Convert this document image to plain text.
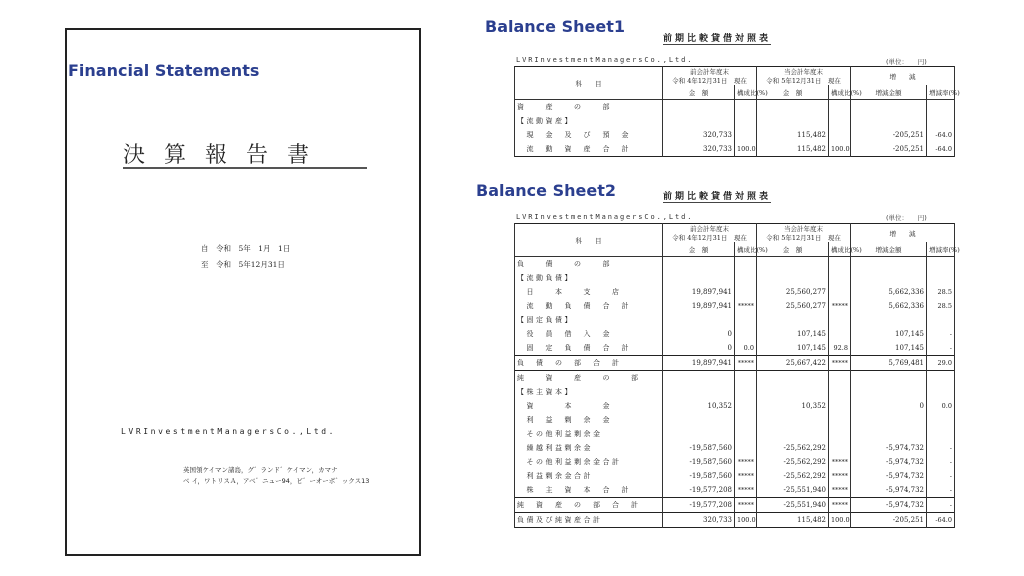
決算報告書
自　令和　5年　1月　1日
至　令和　5年12月31日
LVRInvestmentManagersCo.,Ltd.
英国領ケイマン諸島，グ゛ランド゛ケイマン，カマナ
ベ イ，ワトリスＡ，アベ゛ニュー94，ビ゛ーオーボ゛ックス13
Financial Statements
Balance Sheet1
前期比較貸借対照表
LVRInvestmentManagersCo.,Ltd.	(単位：　　円)
科　　目	前会計年度末
令和 4年12月31日　現在		当会計年度末
令和 5年12月31日　現在		増　　減	
	金　額	構成比(%)	金　額	構成比(%)	増減金額	増減率(%)
資　　産　　の　　部						
【流動資産】						
　現　金　及　び　預　金	320,733		115,482		-205,251	-64.0
　流　動　資　産　合　計	320,733	100.0	115,482	100.0	-205,251	-64.0
Balance Sheet2	前期比較貸借対照表
LVRInvestmentManagersCo.,Ltd.	(単位：　　円)
科　　目	前会計年度末
令和 4年12月31日　現在		当会計年度末
令和 5年12月31日　現在		増　　減	
	金　額	構成比(%)	金　額	構成比(%)	増減金額	増減率(%)
負　　債　　の　　部						
【流動負債】						
　日　　本　　支　　店	19,897,941		25,560,277		5,662,336	28.5
　流　動　負　債　合　計	19,897,941	*****	25,560,277	*****	5,662,336	28.5
【固定負債】						
　役　員　借　入　金	0		107,145		107,145	-
　固　定　負　債　合　計	0	0.0	107,145	92.8	107,145	-
負　債　の　部　合　計	19,897,941	*****	25,667,422	*****	5,769,481	29.0
純　　資　　産　　の　　部						
【株主資本】						
　資　　　本　　　金	10,352		10,352		0	0.0
　利　益　剰　余　金						
　その他利益剰余金						
　繰越利益剰余金	-19,587,560		-25,562,292		-5,974,732	-
　その他利益剰余金合計	-19,587,560	*****	-25,562,292	*****	-5,974,732	-
　利益剰余金合計	-19,587,560	*****	-25,562,292	*****	-5,974,732	-
　株　主　資　本　合　計	-19,577,208	*****	-25,551,940	*****	-5,974,732	-
純　資　産　の　部　合　計	-19,577,208	*****	-25,551,940	*****	-5,974,732	-
負債及び純資産合計	320,733	100.0	115,482	100.0	-205,251	-64.0
